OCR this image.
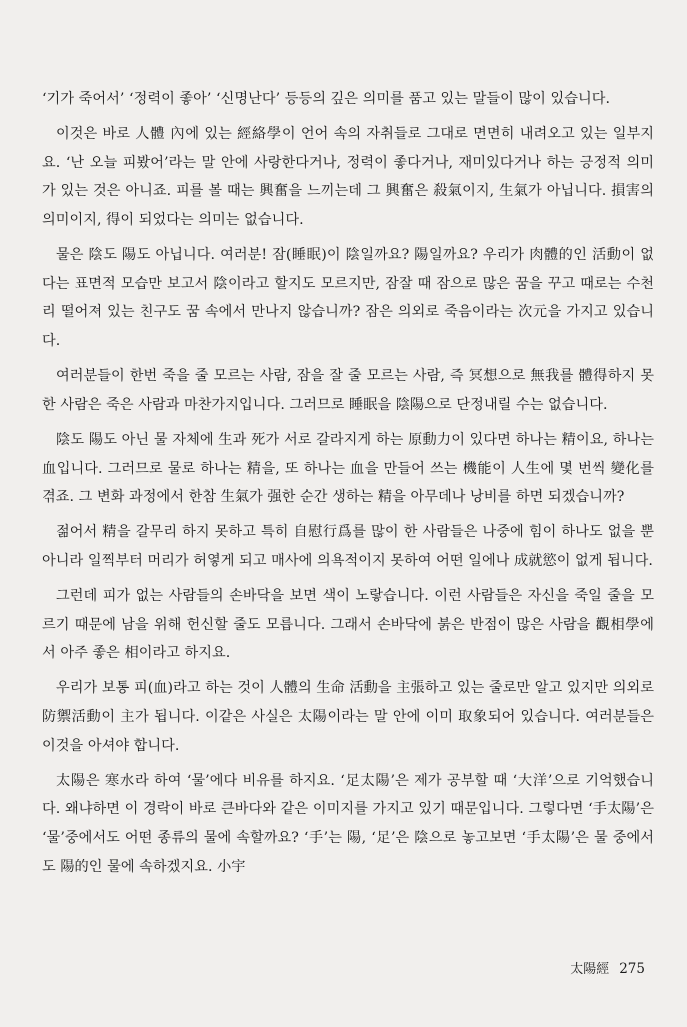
‘기가 죽어서’ ‘정력이 좋아’ ‘신명난다’ 등등의 깊은 의미를 품고 있는 말들이 많이 있습니다.

이것은 바로 人體 內에 있는 經絡學이 언어 속의 자취들로 그대로 면면히 내려오고 있는 일부지요. ‘난 오늘 피봤어’라는 말 안에 사랑한다거나, 정력이 좋다거나, 재미있다거나 하는 긍정적 의미가 있는 것은 아니죠. 피를 볼 때는 興奮을 느끼는데 그 興奮은 殺氣이지, 生氣가 아닙니다. 損害의 의미이지, 得이 되었다는 의미는 없습니다.

물은 陰도 陽도 아닙니다. 여러분! 잠(睡眠)이 陰일까요? 陽일까요? 우리가 肉體的인 活動이 없다는 표면적 모습만 보고서 陰이라고 할지도 모르지만, 잠잘 때 잠으로 많은 꿈을 꾸고 때로는 수천리 떨어져 있는 친구도 꿈 속에서 만나지 않습니까? 잠은 의외로 죽음이라는 次元을 가지고 있습니다.

여러분들이 한번 죽을 줄 모르는 사람, 잠을 잘 줄 모르는 사람, 즉 冥想으로 無我를 體得하지 못한 사람은 죽은 사람과 마찬가지입니다. 그러므로 睡眠을 陰陽으로 단정내릴 수는 없습니다.

陰도 陽도 아닌 물 자체에 生과 死가 서로 갈라지게 하는 原動力이 있다면 하나는 精이요, 하나는 血입니다. 그러므로 물로 하나는 精을, 또 하나는 血을 만들어 쓰는 機能이 人生에 몇 번씩 變化를 겪죠. 그 변화 과정에서 한참 生氣가 强한 순간 생하는 精을 아무데나 낭비를 하면 되겠습니까?

젊어서 精을 갈무리 하지 못하고 특히 自慰行爲를 많이 한 사람들은 나중에 힘이 하나도 없을 뿐 아니라 일찍부터 머리가 허옇게 되고 매사에 의욕적이지 못하여 어떤 일에나 成就慾이 없게 됩니다.

그런데 피가 없는 사람들의 손바닥을 보면 색이 노랗습니다. 이런 사람들은 자신을 죽일 줄을 모르기 때문에 남을 위해 헌신할 줄도 모릅니다. 그래서 손바닥에 붉은 반점이 많은 사람을 觀相學에서 아주 좋은 相이라고 하지요.

우리가 보통 피(血)라고 하는 것이 人體의 生命 活動을 主張하고 있는 줄로만 알고 있지만 의외로 防禦活動이 主가 됩니다. 이같은 사실은 太陽이라는 말 안에 이미 取象되어 있습니다. 여러분들은 이것을 아셔야 합니다.

太陽은 寒水라 하여 ‘물’에다 비유를 하지요. ‘足太陽’은 제가 공부할 때 ‘大洋’으로 기억했습니다. 왜냐하면 이 경락이 바로 큰바다와 같은 이미지를 가지고 있기 때문입니다. 그렇다면 ‘手太陽’은 ‘물’중에서도 어떤 종류의 물에 속할까요? ‘手’는 陽, ‘足’은 陰으로 놓고보면 ‘手太陽’은 물 중에서도 陽的인 물에 속하겠지요. 小宇

太陽經 275
